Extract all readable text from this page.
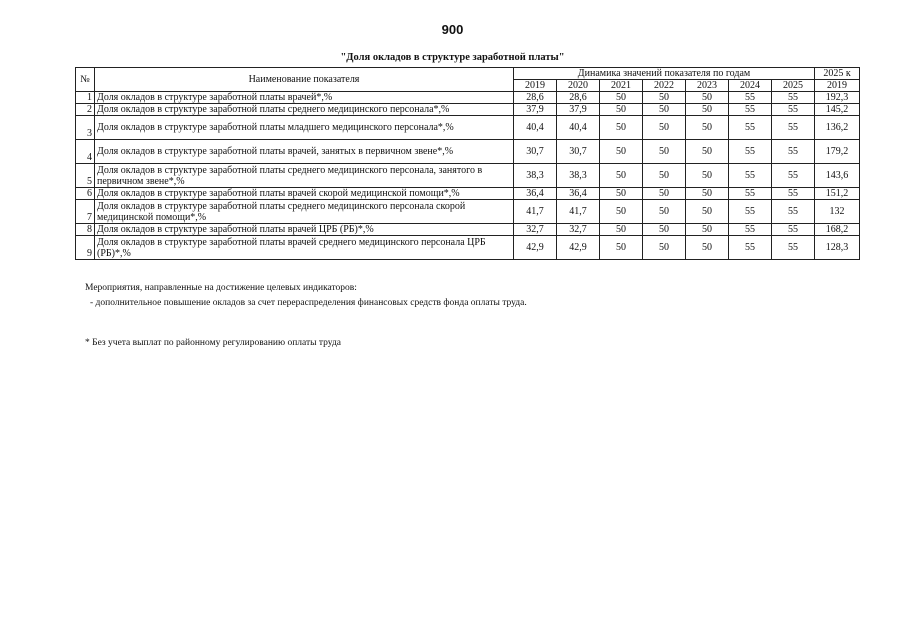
900
"Доля окладов в структуре заработной платы"
№	Наименование показателя	Динамика значений показателя по годам							2025 к
		2019	2020	2021	2022	2023	2024	2025	2019
1	Доля окладов в структуре заработной платы врачей*,%	28,6	28,6	50	50	50	55	55	192,3
2	Доля окладов в структуре заработной платы среднего медицинского персонала*,%	37,9	37,9	50	50	50	55	55	145,2
3	Доля окладов в структуре заработной платы младшего медицинского персонала*,%	40,4	40,4	50	50	50	55	55	136,2
4	Доля окладов в структуре заработной платы врачей, занятых в первичном звене*,%	30,7	30,7	50	50	50	55	55	179,2
5	Доля окладов в структуре заработной платы среднего медицинского персонала, занятого в первичном звене*,%	38,3	38,3	50	50	50	55	55	143,6
6	Доля окладов в структуре заработной платы врачей скорой медицинской помощи*,%	36,4	36,4	50	50	50	55	55	151,2
7	Доля окладов в структуре заработной платы среднего медицинского персонала скорой медицинской помощи*,%	41,7	41,7	50	50	50	55	55	132
8	Доля окладов в структуре заработной платы врачей ЦРБ (РБ)*,%	32,7	32,7	50	50	50	55	55	168,2
9	Доля окладов в структуре заработной платы врачей среднего медицинского персонала ЦРБ (РБ)*,%	42,9	42,9	50	50	50	55	55	128,3
Мероприятия, направленные на достижение целевых индикаторов:
- дополнительное повышение окладов за счет перераспределения финансовых средств фонда оплаты труда.
* Без учета выплат по районному регулированию оплаты труда
